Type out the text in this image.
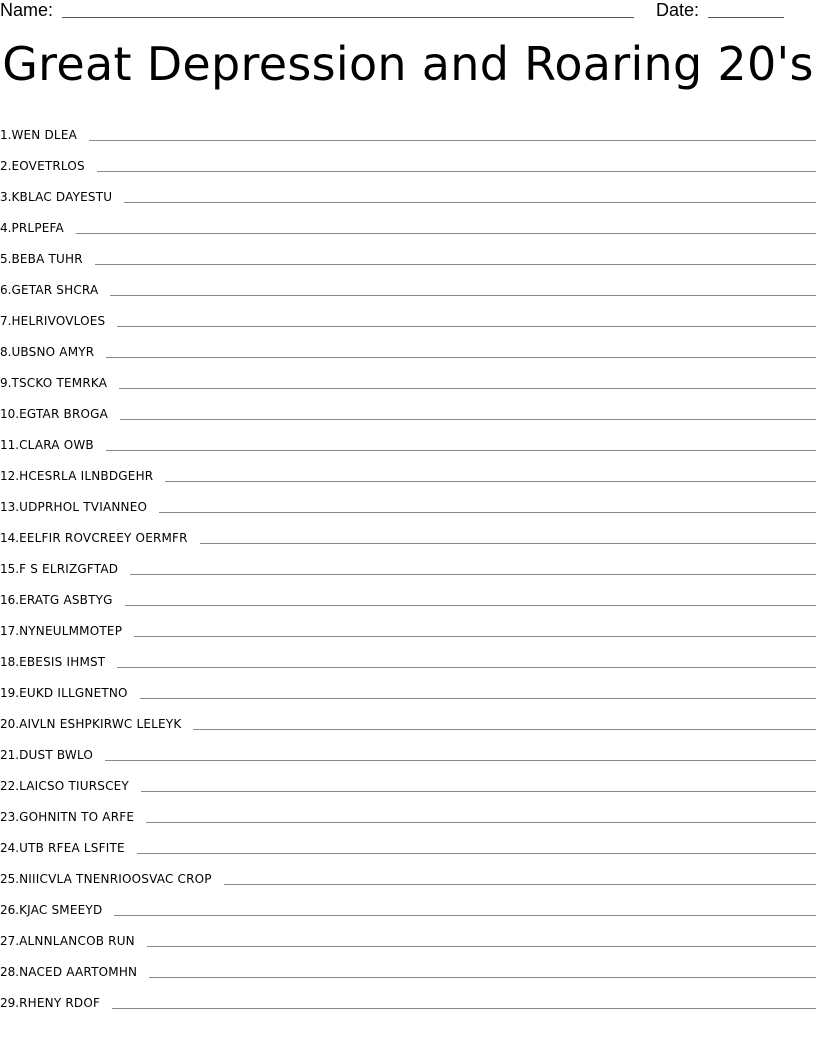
Name:	Date:
Great Depression and Roaring 20's
1. WEN DLEA
2. EOVETRLOS
3. KBLAC DAYESTU
4. PRLPEFA
5. BEBA TUHR
6. GETAR SHCRA
7. HELRIVOVLOES
8. UBSNO AMYR
9. TSCKO TEMRKA
10. EGTAR BROGA
11. CLARA OWB
12. HCESRLA ILNBDGEHR
13. UDPRHOL TVIANNEO
14. EELFIR ROVCREEY OERMFR
15. F S ELRIZGFTAD
16. ERATG ASBTYG
17. NYNEULMMOTEP
18. EBESIS IHMST
19. EUKD ILLGNETNO
20. AIVLN ESHPKIRWC LELEYK
21. DUST BWLO
22. LAICSO TIURSCEY
23. GOHNITN TO ARFE
24. UTB RFEA LSFITE
25. NIIICVLA TNENRIOOSVAC CROP
26. KJAC SMEEYD
27. ALNNLANCOB RUN
28. NACED AARTOMHN
29. RHENY RDOF
